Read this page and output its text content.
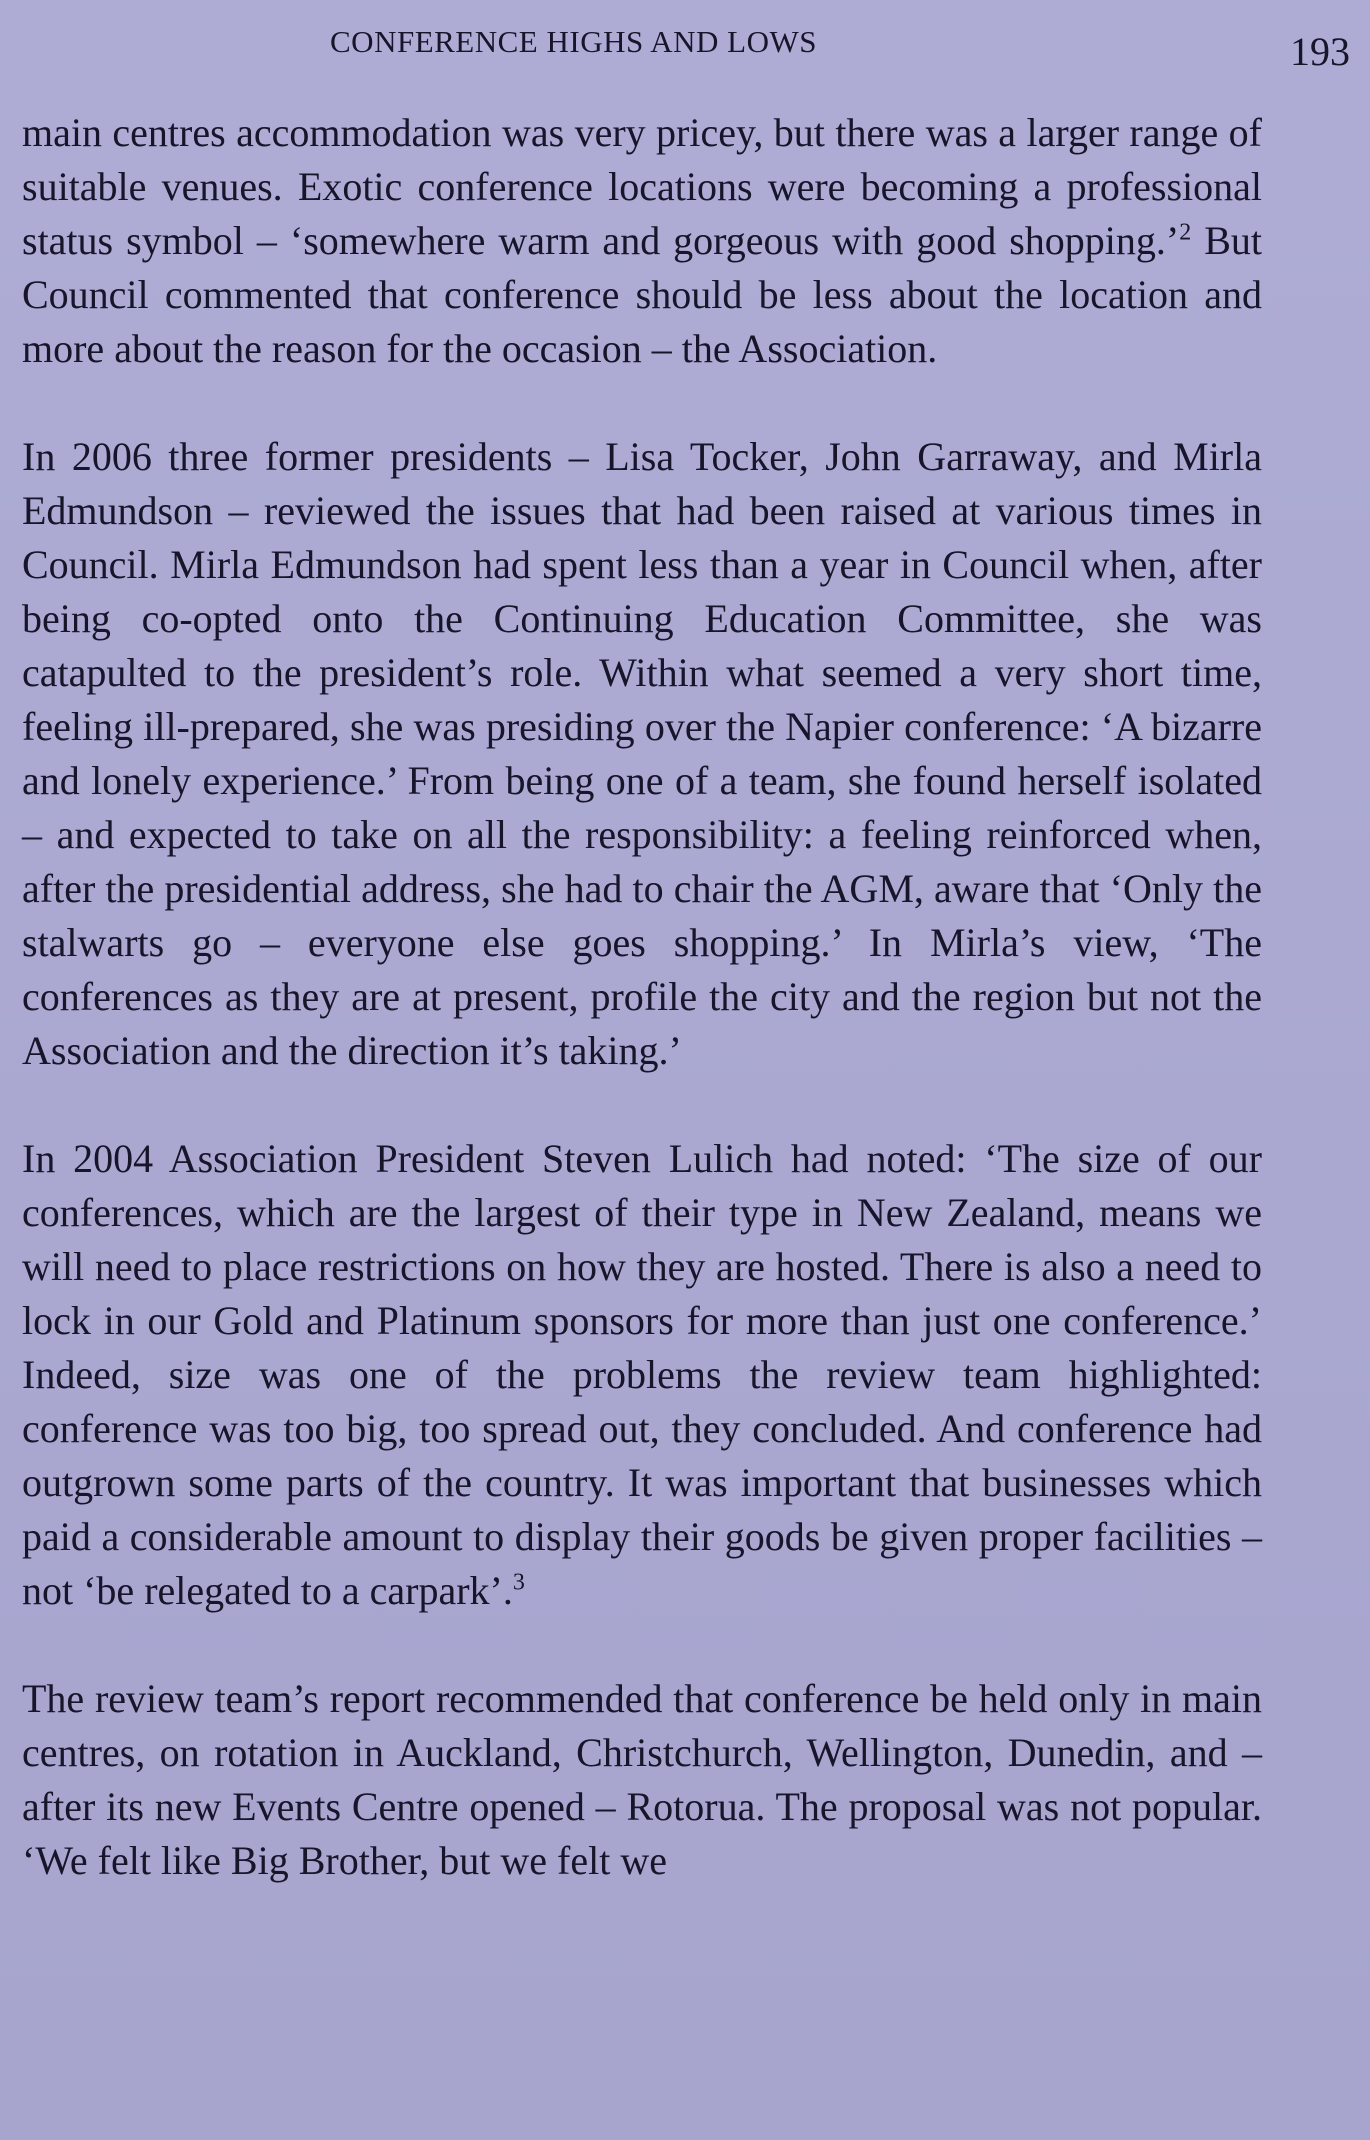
CONFERENCE HIGHS AND LOWS	193

main centres accommodation was very pricey, but there was a larger range of suitable venues. Exotic conference locations were becoming a professional status symbol – ‘somewhere warm and gorgeous with good shopping.’$^2$ But Council commented that conference should be less about the location and more about the reason for the occasion – the Association.

In 2006 three former presidents – Lisa Tocker, John Garraway, and Mirla Edmundson – reviewed the issues that had been raised at various times in Council. Mirla Edmundson had spent less than a year in Council when, after being co-opted onto the Continuing Education Committee, she was catapulted to the president’s role. Within what seemed a very short time, feeling ill-prepared, she was presiding over the Napier conference: ‘A bizarre and lonely experience.’ From being one of a team, she found herself isolated – and expected to take on all the responsibility: a feeling reinforced when, after the presidential address, she had to chair the AGM, aware that ‘Only the stalwarts go – everyone else goes shopping.’ In Mirla’s view, ‘The conferences as they are at present, profile the city and the region but not the Association and the direction it’s taking.’

In 2004 Association President Steven Lulich had noted: ‘The size of our conferences, which are the largest of their type in New Zealand, means we will need to place restrictions on how they are hosted. There is also a need to lock in our Gold and Platinum sponsors for more than just one conference.’ Indeed, size was one of the problems the review team highlighted: conference was too big, too spread out, they concluded. And conference had outgrown some parts of the country. It was important that businesses which paid a considerable amount to display their goods be given proper facilities – not ‘be relegated to a carpark’.$^3$

The review team’s report recommended that conference be held only in main centres, on rotation in Auckland, Christchurch, Wellington, Dunedin, and – after its new Events Centre opened – Rotorua. The proposal was not popular. ‘We felt like Big Brother, but we felt we
